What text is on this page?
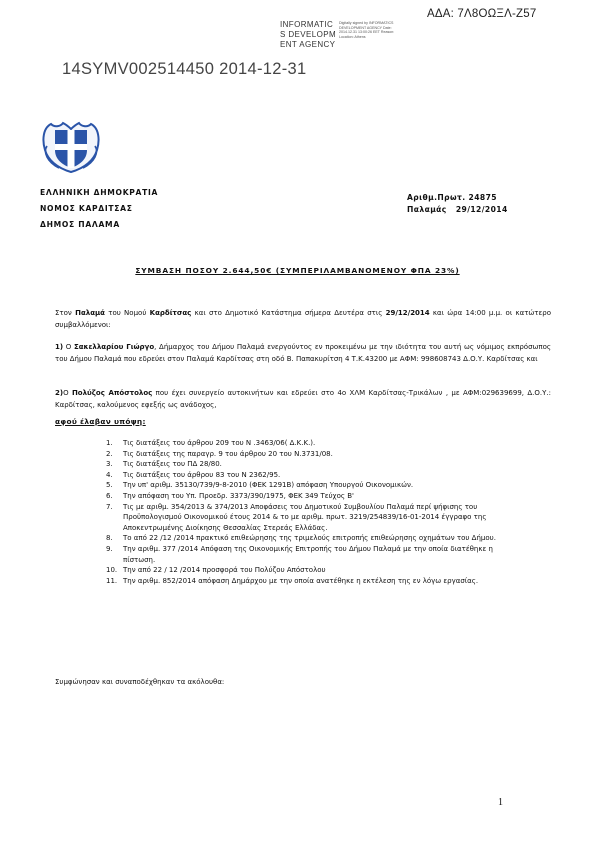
ΑΔΑ: 7Λ8ΟΩΞΛ-Ζ57
INFORMATICS DEVELOPMENT AGENCY
Digitally signed by INFORMATICS DEVELOPMENT AGENCY Date: 2014.12.31 13:00:26 EET Reason: Location: Athens
14SYMV002514450 2014-12-31
ΕΛΛΗΝΙΚΗ ΔΗΜΟΚΡΑΤΙΑ
ΝΟΜΟΣ ΚΑΡΔΙΤΣΑΣ
ΔΗΜΟΣ ΠΑΛΑΜΑ
Αριθμ.Πρωτ. 24875
Παλαμάς   29/12/2014
ΣΥΜΒΑΣΗ ΠΟΣΟΥ 2.644,50€ (ΣΥΜΠΕΡΙΛΑΜΒΑΝΟΜΕΝΟΥ ΦΠΑ 23%)
Στον Παλαμά του Νομού Καρδίτσας και στο Δημοτικό Κατάστημα σήμερα Δευτέρα στις 29/12/2014 και ώρα 14:00 μ.μ. οι κατώτερο συμβαλλόμενοι:
1) Ο Σακελλαρίου Γιώργο, Δήμαρχος του Δήμου Παλαμά ενεργούντος εν προκειμένω με την ιδιότητα του αυτή ως νόμιμος εκπρόσωπος του Δήμου Παλαμά που εδρεύει στον Παλαμά Καρδίτσας στη οδό Β. Παπακυρίτση 4 Τ.Κ.43200 με ΑΦΜ: 998608743 Δ.Ο.Υ. Καρδίτσας και
2)Ο Πολύζος Απόστολος που έχει συνεργείο αυτοκινήτων και εδρεύει στο 4ο ΧΛΜ Καρδίτσας-Τρικάλων , με ΑΦΜ:029639699, Δ.Ο.Υ.: Καρδίτσας, καλούμενος εφεξής ως ανάδοχος,
αφού έλαβαν υπόψη:
1.	Τις διατάξεις του άρθρου 209 του Ν .3463/06( Δ.Κ.Κ.).
2.	Τις διατάξεις της παραγρ. 9 του άρθρου 20 του Ν.3731/08.
3.	Τις διατάξεις του ΠΔ 28/80.
4.	Τις διατάξεις του άρθρου 83 του Ν 2362/95.
5.	Την υπ' αριθμ. 35130/739/9-8-2010 (ΦΕΚ 1291Β) απόφαση Υπουργού Οικονομικών.
6.	Την απόφαση του Υπ. Προεδρ. 3373/390/1975, ΦΕΚ 349 Τεύχος Β'
7.	Τις με αριθμ. 354/2013 & 374/2013 Αποφάσεις του Δημοτικού Συμβουλίου Παλαμά περί ψήφισης του Προϋπολογισμού Οικονομικού έτους 2014 & το με αριθμ. πρωτ. 3219/254839/16-01-2014 έγγραφο της Αποκεντρωμένης Διοίκησης Θεσσαλίας Στερεάς Ελλάδας.
8.	Το από 22 /12 /2014 πρακτικό επιθεώρησης της τριμελούς επιτροπής επιθεώρησης οχημάτων του Δήμου.
9.	Την αριθμ. 377 /2014 Απόφαση της Οικονομικής Επιτροπής του Δήμου Παλαμά με την οποία διατέθηκε η πίστωση.
10. Την από 22 / 12 /2014 προσφορά του Πολύζου Απόστολου
11. Την αριθμ. 852/2014 απόφαση Δημάρχου με την οποία ανατέθηκε η εκτέλεση της εν λόγω εργασίας.
Συμφώνησαν και συναποδέχθηκαν τα ακόλουθα:
1
